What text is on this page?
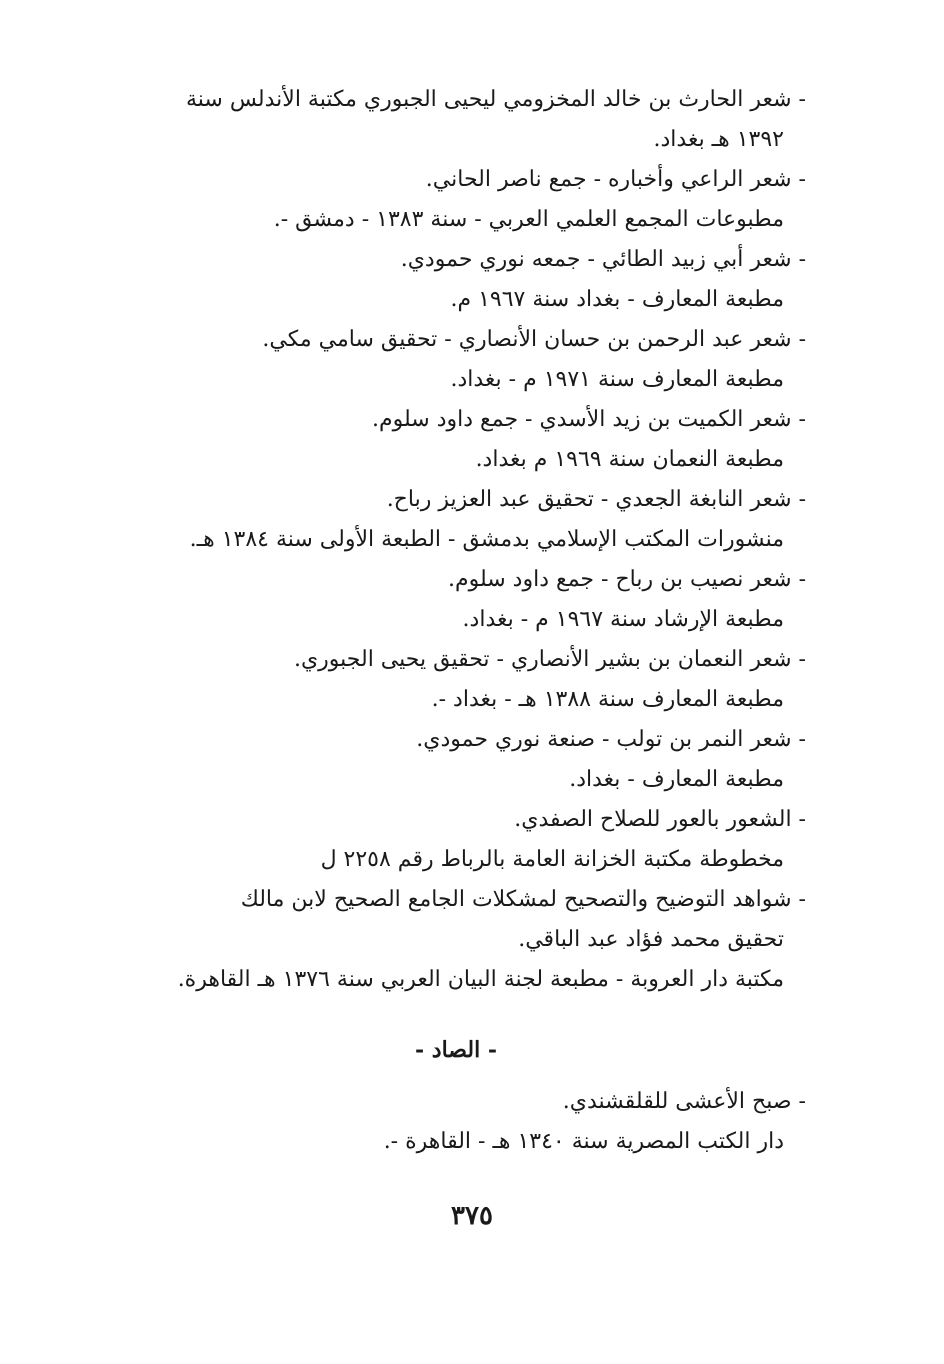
- شعر الحارث بن خالد المخزومي ليحيى الجبوري مكتبة الأندلس سنة
١٣٩٢ هـ بغداد.
- شعر الراعي وأخباره - جمع ناصر الحاني.
مطبوعات المجمع العلمي العربي - سنة ١٣٨٣ - دمشق -.
- شعر أبي زبيد الطائي - جمعه نوري حمودي.
مطبعة المعارف - بغداد سنة ١٩٦٧ م.
- شعر عبد الرحمن بن حسان الأنصاري - تحقيق سامي مكي.
مطبعة المعارف سنة ١٩٧١ م - بغداد.
- شعر الكميت بن زيد الأسدي - جمع داود سلوم.
مطبعة النعمان سنة ١٩٦٩ م بغداد.
- شعر النابغة الجعدي - تحقيق عبد العزيز رباح.
منشورات المكتب الإسلامي بدمشق - الطبعة الأولى سنة ١٣٨٤ هـ.
- شعر نصيب بن رباح - جمع داود سلوم.
مطبعة الإرشاد سنة ١٩٦٧ م - بغداد.
- شعر النعمان بن بشير الأنصاري - تحقيق يحيى الجبوري.
مطبعة المعارف سنة ١٣٨٨ هـ - بغداد -.
- شعر النمر بن تولب - صنعة نوري حمودي.
مطبعة المعارف - بغداد.
- الشعور بالعور للصلاح الصفدي.
مخطوطة مكتبة الخزانة العامة بالرباط رقم ٢٢٥٨ ل
- شواهد التوضيح والتصحيح لمشكلات الجامع الصحيح لابن مالك
تحقيق محمد فؤاد عبد الباقي.
مكتبة دار العروبة - مطبعة لجنة البيان العربي سنة ١٣٧٦ هـ القاهرة.
- الصاد -
- صبح الأعشى للقلقشندي.
دار الكتب المصرية سنة ١٣٤٠ هـ - القاهرة -.
٣٧٥
